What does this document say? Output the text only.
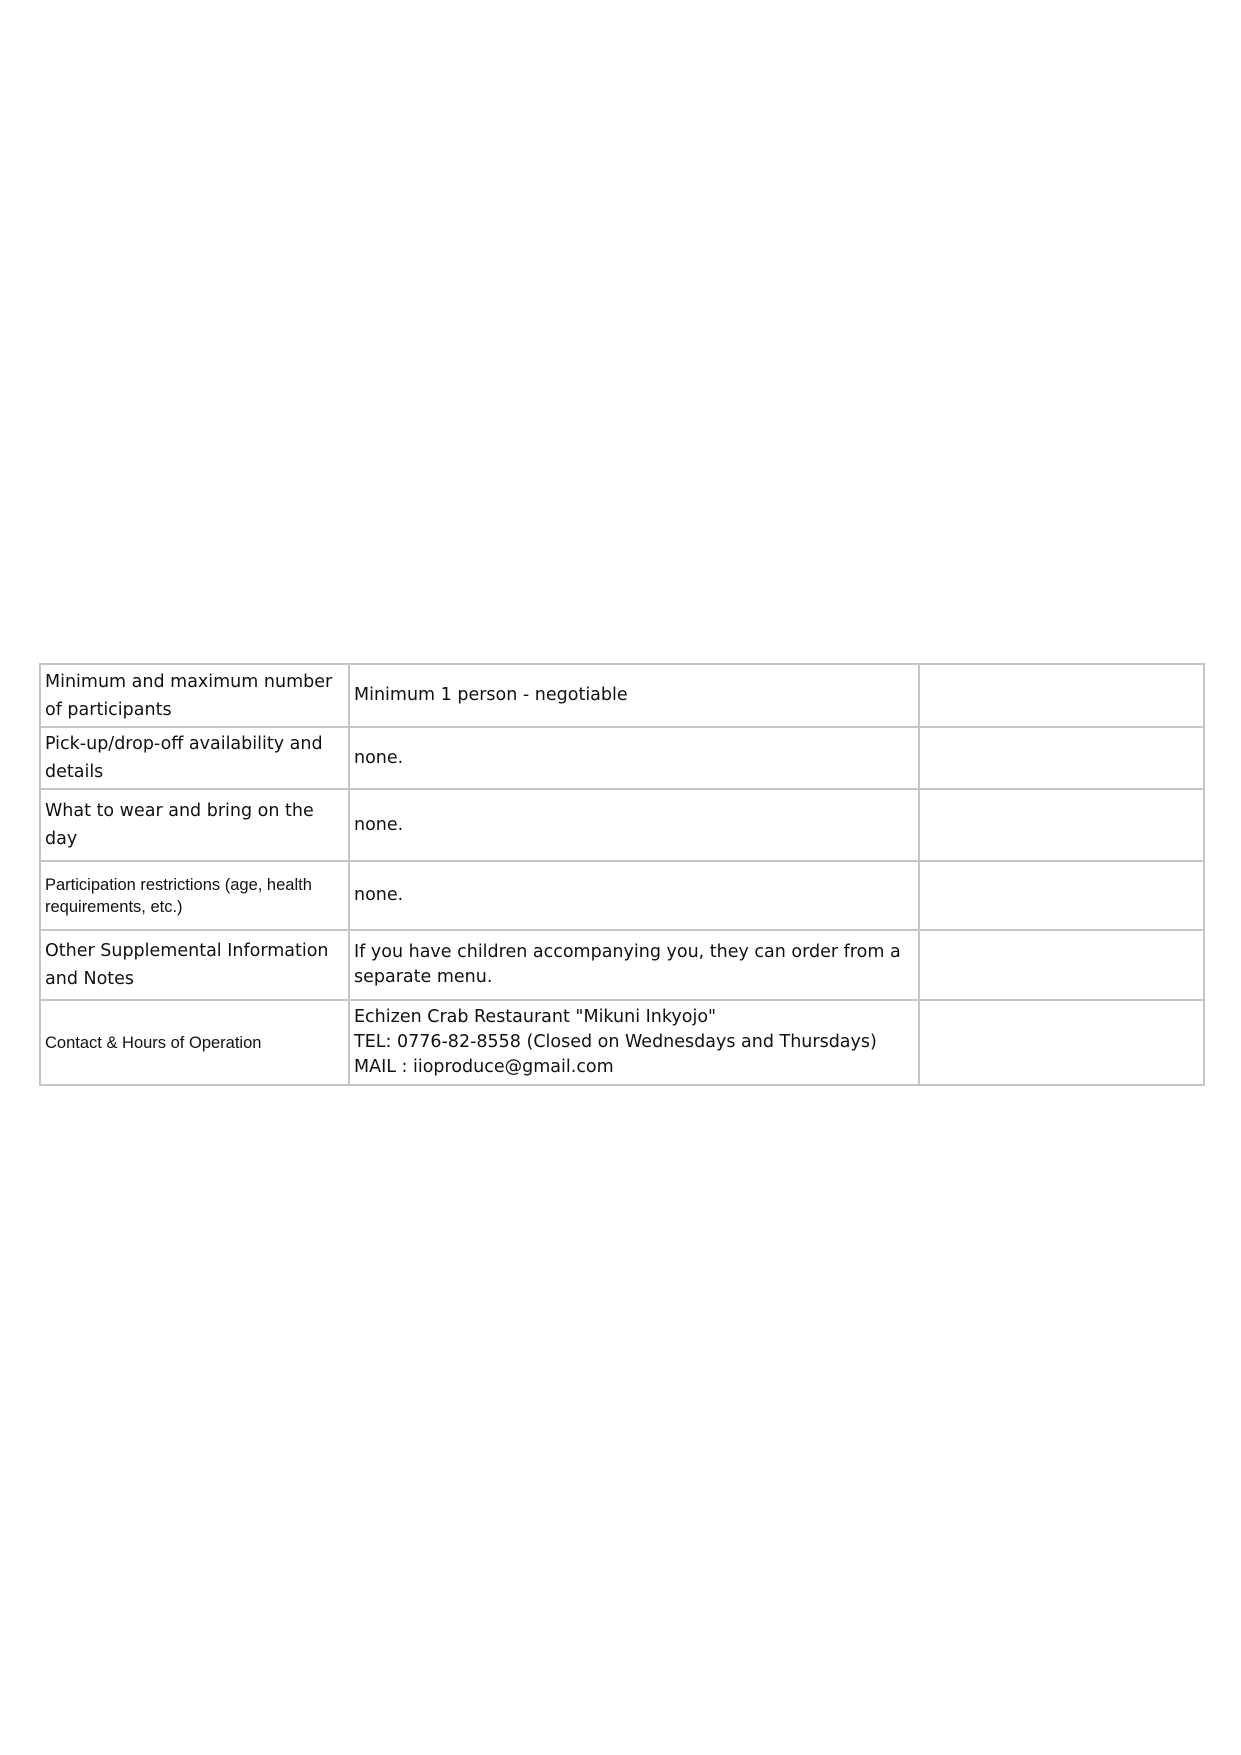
Minimum and maximum number of participants	Minimum 1 person - negotiable	
Pick-up/drop-off availability and details	none.	
What to wear and bring on the day	none.	
Participation restrictions (age, health requirements, etc.)	none.	
Other Supplemental Information and Notes	If you have children accompanying you, they can order from a separate menu.	
Contact & Hours of Operation	Echizen Crab Restaurant "Mikuni Inkyojo"
TEL: 0776-82-8558 (Closed on Wednesdays and Thursdays)
MAIL : iioproduce@gmail.com	
